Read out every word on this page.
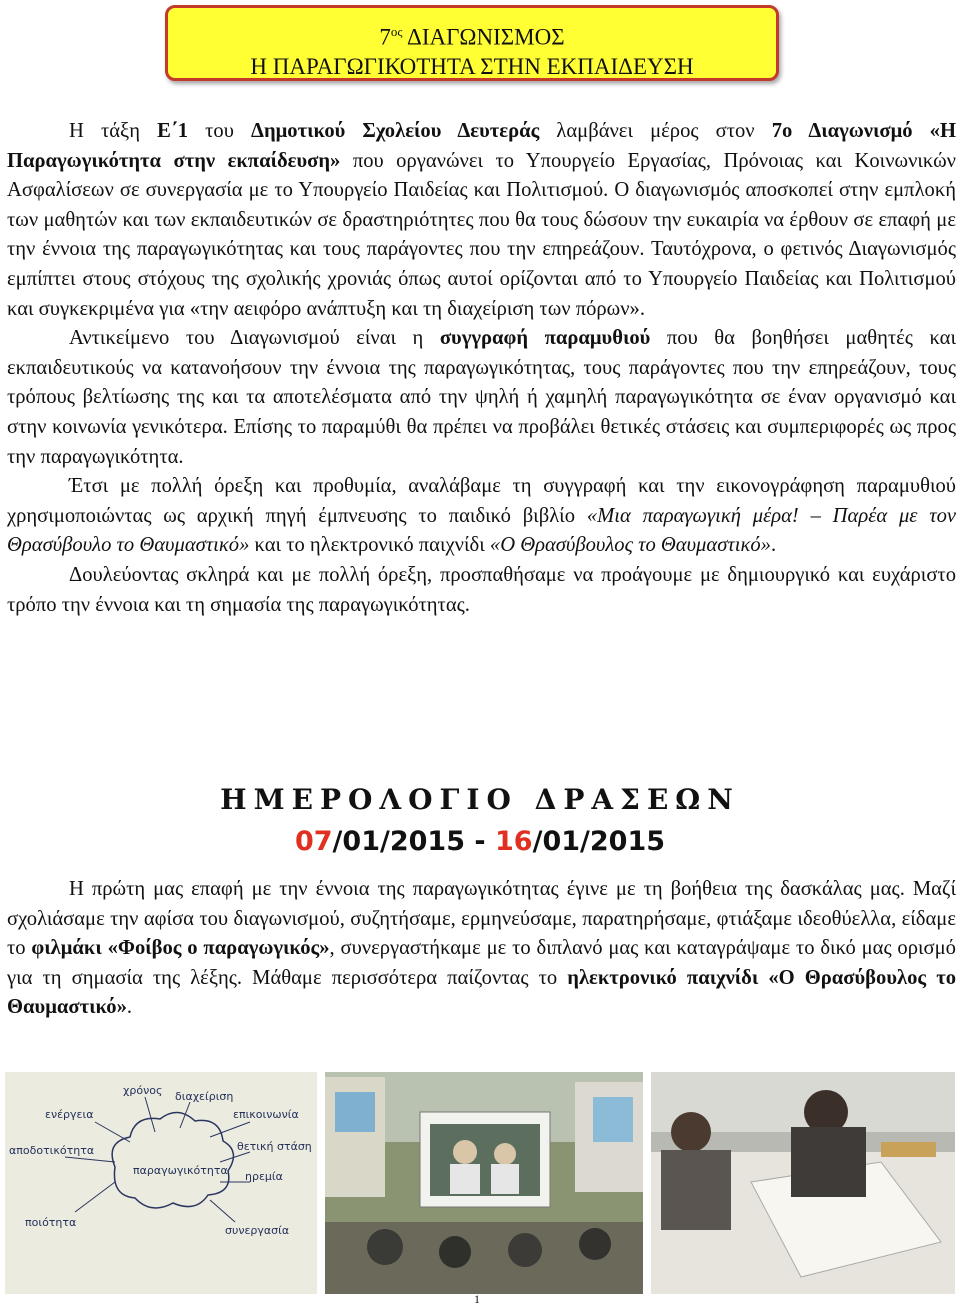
$7^{o\varsigma}$ ΔΙΑΓΩΝΙΣΜΟΣ
Η ΠΑΡΑΓΩΓΙΚΟΤΗΤΑ ΣΤΗΝ ΕΚΠΑΙΔΕΥΣΗ

Η τάξη Ε΄1 του Δημοτικού Σχολείου Δευτεράς λαμβάνει μέρος στον 7ο Διαγωνισμό «Η Παραγωγικότητα στην εκπαίδευση» που οργανώνει το Υπουργείο Εργασίας, Πρόνοιας και Κοινωνικών Ασφαλίσεων σε συνεργασία με το Υπουργείο Παιδείας και Πολιτισμού. Ο διαγωνισμός αποσκοπεί στην εμπλοκή των μαθητών και των εκπαιδευτικών σε δραστηριότητες που θα τους δώσουν την ευκαιρία να έρθουν σε επαφή με την έννοια της παραγωγικότητας και τους παράγοντες που την επηρεάζουν. Ταυτόχρονα, ο φετινός Διαγωνισμός εμπίπτει στους στόχους της σχολικής χρονιάς όπως αυτοί ορίζονται από το Υπουργείο Παιδείας και Πολιτισμού και συγκεκριμένα για «την αειφόρο ανάπτυξη και τη διαχείριση των πόρων».

Αντικείμενο του Διαγωνισμού είναι η συγγραφή παραμυθιού που θα βοηθήσει μαθητές και εκπαιδευτικούς να κατανοήσουν την έννοια της παραγωγικότητας, τους παράγοντες που την επηρεάζουν, τους τρόπους βελτίωσης της και τα αποτελέσματα από την ψηλή ή χαμηλή παραγωγικότητα σε έναν οργανισμό και στην κοινωνία γενικότερα. Επίσης το παραμύθι θα πρέπει να προβάλει θετικές στάσεις και συμπεριφορές ως προς την παραγωγικότητα.

Έτσι με πολλή όρεξη και προθυμία, αναλάβαμε τη συγγραφή και την εικονογράφηση παραμυθιού χρησιμοποιώντας ως αρχική πηγή έμπνευσης το παιδικό βιβλίο «Μια παραγωγική μέρα! – Παρέα με τον Θρασύβουλο το Θαυμαστικό» και το ηλεκτρονικό παιχνίδι «Ο Θρασύβουλος το Θαυμαστικό».

Δουλεύοντας σκληρά και με πολλή όρεξη, προσπαθήσαμε να προάγουμε με δημιουργικό και ευχάριστο τρόπο την έννοια και τη σημασία της παραγωγικότητας.

ΗΜΕΡΟΛΟΓΙΟ ΔΡΑΣΕΩΝ
07/01/2015 - 16/01/2015

Η πρώτη μας επαφή με την έννοια της παραγωγικότητας έγινε με τη βοήθεια της δασκάλας μας. Μαζί σχολιάσαμε την αφίσα του διαγωνισμού, συζητήσαμε, ερμηνεύσαμε, παρατηρήσαμε, φτιάξαμε ιδεοθύελλα, είδαμε το φιλμάκι «Φοίβος ο παραγωγικός», συνεργαστήκαμε με το διπλανό μας και καταγράψαμε το δικό μας ορισμό για τη σημασία της λέξης. Μάθαμε περισσότερα παίζοντας το ηλεκτρονικό παιχνίδι «Ο Θρασύβουλος το Θαυμαστικό».

παραγωγικότητα
χρόνος διαχείριση
επικοινωνία
θετική στάση
ηρεμία
συνεργασία
ποιότητα
αποδοτικότητα
ενέργεια
1
